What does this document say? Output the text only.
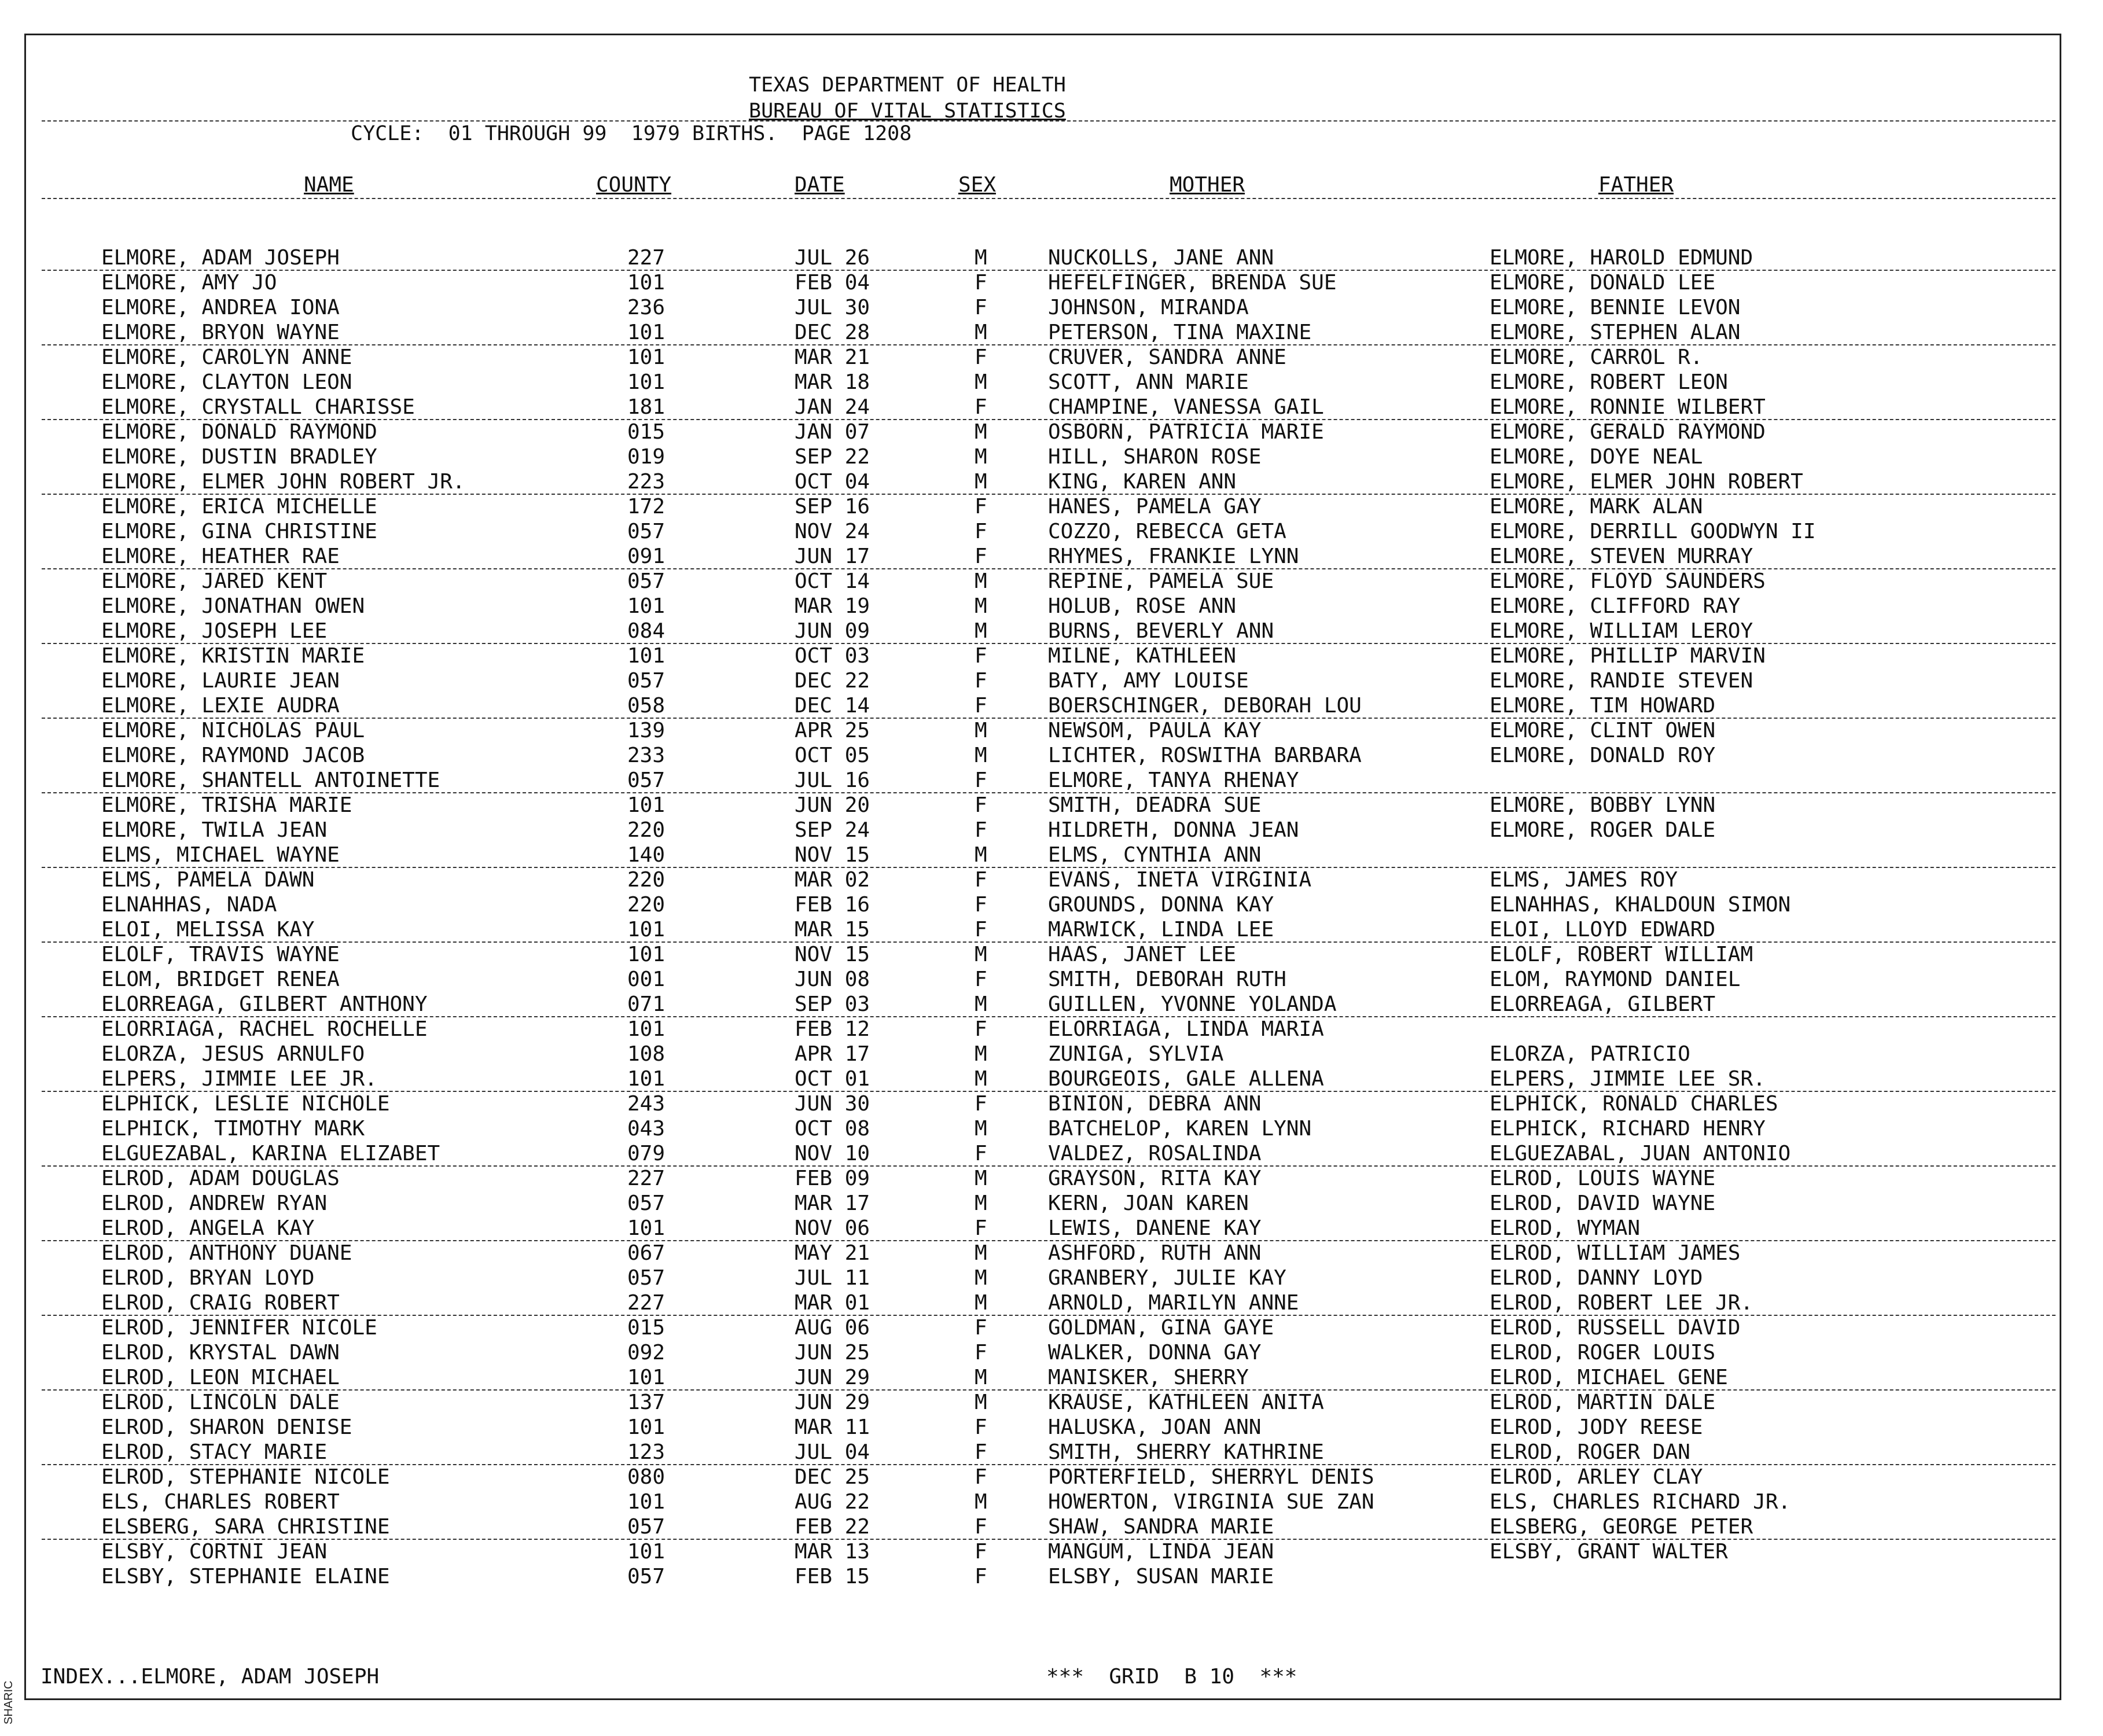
SHARIC
TEXAS DEPARTMENT OF HEALTH
BUREAU OF VITAL STATISTICS
CYCLE:  01 THROUGH 99  1979 BIRTHS.  PAGE 1208
NAME	COUNTY	DATE	SEX	MOTHER	FATHER
ELMORE, ADAM JOSEPH	227	JUL 26	M	NUCKOLLS, JANE ANN	ELMORE, HAROLD EDMUND
ELMORE, AMY JO	101	FEB 04	F	HEFELFINGER, BRENDA SUE	ELMORE, DONALD LEE
ELMORE, ANDREA IONA	236	JUL 30	F	JOHNSON, MIRANDA	ELMORE, BENNIE LEVON
ELMORE, BRYON WAYNE	101	DEC 28	M	PETERSON, TINA MAXINE	ELMORE, STEPHEN ALAN
ELMORE, CAROLYN ANNE	101	MAR 21	F	CRUVER, SANDRA ANNE	ELMORE, CARROL R.
ELMORE, CLAYTON LEON	101	MAR 18	M	SCOTT, ANN MARIE	ELMORE, ROBERT LEON
ELMORE, CRYSTALL CHARISSE	181	JAN 24	F	CHAMPINE, VANESSA GAIL	ELMORE, RONNIE WILBERT
ELMORE, DONALD RAYMOND	015	JAN 07	M	OSBORN, PATRICIA MARIE	ELMORE, GERALD RAYMOND
ELMORE, DUSTIN BRADLEY	019	SEP 22	M	HILL, SHARON ROSE	ELMORE, DOYE NEAL
ELMORE, ELMER JOHN ROBERT JR.	223	OCT 04	M	KING, KAREN ANN	ELMORE, ELMER JOHN ROBERT
ELMORE, ERICA MICHELLE	172	SEP 16	F	HANES, PAMELA GAY	ELMORE, MARK ALAN
ELMORE, GINA CHRISTINE	057	NOV 24	F	COZZO, REBECCA GETA	ELMORE, DERRILL GOODWYN II
ELMORE, HEATHER RAE	091	JUN 17	F	RHYMES, FRANKIE LYNN	ELMORE, STEVEN MURRAY
ELMORE, JARED KENT	057	OCT 14	M	REPINE, PAMELA SUE	ELMORE, FLOYD SAUNDERS
ELMORE, JONATHAN OWEN	101	MAR 19	M	HOLUB, ROSE ANN	ELMORE, CLIFFORD RAY
ELMORE, JOSEPH LEE	084	JUN 09	M	BURNS, BEVERLY ANN	ELMORE, WILLIAM LEROY
ELMORE, KRISTIN MARIE	101	OCT 03	F	MILNE, KATHLEEN	ELMORE, PHILLIP MARVIN
ELMORE, LAURIE JEAN	057	DEC 22	F	BATY, AMY LOUISE	ELMORE, RANDIE STEVEN
ELMORE, LEXIE AUDRA	058	DEC 14	F	BOERSCHINGER, DEBORAH LOU	ELMORE, TIM HOWARD
ELMORE, NICHOLAS PAUL	139	APR 25	M	NEWSOM, PAULA KAY	ELMORE, CLINT OWEN
ELMORE, RAYMOND JACOB	233	OCT 05	M	LICHTER, ROSWITHA BARBARA	ELMORE, DONALD ROY
ELMORE, SHANTELL ANTOINETTE	057	JUL 16	F	ELMORE, TANYA RHENAY
ELMORE, TRISHA MARIE	101	JUN 20	F	SMITH, DEADRA SUE	ELMORE, BOBBY LYNN
ELMORE, TWILA JEAN	220	SEP 24	F	HILDRETH, DONNA JEAN	ELMORE, ROGER DALE
ELMS, MICHAEL WAYNE	140	NOV 15	M	ELMS, CYNTHIA ANN
ELMS, PAMELA DAWN	220	MAR 02	F	EVANS, INETA VIRGINIA	ELMS, JAMES ROY
ELNAHHAS, NADA	220	FEB 16	F	GROUNDS, DONNA KAY	ELNAHHAS, KHALDOUN SIMON
ELOI, MELISSA KAY	101	MAR 15	F	MARWICK, LINDA LEE	ELOI, LLOYD EDWARD
ELOLF, TRAVIS WAYNE	101	NOV 15	M	HAAS, JANET LEE	ELOLF, ROBERT WILLIAM
ELOM, BRIDGET RENEA	001	JUN 08	F	SMITH, DEBORAH RUTH	ELOM, RAYMOND DANIEL
ELORREAGA, GILBERT ANTHONY	071	SEP 03	M	GUILLEN, YVONNE YOLANDA	ELORREAGA, GILBERT
ELORRIAGA, RACHEL ROCHELLE	101	FEB 12	F	ELORRIAGA, LINDA MARIA
ELORZA, JESUS ARNULFO	108	APR 17	M	ZUNIGA, SYLVIA	ELORZA, PATRICIO
ELPERS, JIMMIE LEE JR.	101	OCT 01	M	BOURGEOIS, GALE ALLENA	ELPERS, JIMMIE LEE SR.
ELPHICK, LESLIE NICHOLE	243	JUN 30	F	BINION, DEBRA ANN	ELPHICK, RONALD CHARLES
ELPHICK, TIMOTHY MARK	043	OCT 08	M	BATCHELOP, KAREN LYNN	ELPHICK, RICHARD HENRY
ELGUEZABAL, KARINA ELIZABET	079	NOV 10	F	VALDEZ, ROSALINDA	ELGUEZABAL, JUAN ANTONIO
ELROD, ADAM DOUGLAS	227	FEB 09	M	GRAYSON, RITA KAY	ELROD, LOUIS WAYNE
ELROD, ANDREW RYAN	057	MAR 17	M	KERN, JOAN KAREN	ELROD, DAVID WAYNE
ELROD, ANGELA KAY	101	NOV 06	F	LEWIS, DANENE KAY	ELROD, WYMAN
ELROD, ANTHONY DUANE	067	MAY 21	M	ASHFORD, RUTH ANN	ELROD, WILLIAM JAMES
ELROD, BRYAN LOYD	057	JUL 11	M	GRANBERY, JULIE KAY	ELROD, DANNY LOYD
ELROD, CRAIG ROBERT	227	MAR 01	M	ARNOLD, MARILYN ANNE	ELROD, ROBERT LEE JR.
ELROD, JENNIFER NICOLE	015	AUG 06	F	GOLDMAN, GINA GAYE	ELROD, RUSSELL DAVID
ELROD, KRYSTAL DAWN	092	JUN 25	F	WALKER, DONNA GAY	ELROD, ROGER LOUIS
ELROD, LEON MICHAEL	101	JUN 29	M	MANISKER, SHERRY	ELROD, MICHAEL GENE
ELROD, LINCOLN DALE	137	JUN 29	M	KRAUSE, KATHLEEN ANITA	ELROD, MARTIN DALE
ELROD, SHARON DENISE	101	MAR 11	F	HALUSKA, JOAN ANN	ELROD, JODY REESE
ELROD, STACY MARIE	123	JUL 04	F	SMITH, SHERRY KATHRINE	ELROD, ROGER DAN
ELROD, STEPHANIE NICOLE	080	DEC 25	F	PORTERFIELD, SHERRYL DENIS	ELROD, ARLEY CLAY
ELS, CHARLES ROBERT	101	AUG 22	M	HOWERTON, VIRGINIA SUE ZAN	ELS, CHARLES RICHARD JR.
ELSBERG, SARA CHRISTINE	057	FEB 22	F	SHAW, SANDRA MARIE	ELSBERG, GEORGE PETER
ELSBY, CORTNI JEAN	101	MAR 13	F	MANGUM, LINDA JEAN	ELSBY, GRANT WALTER
ELSBY, STEPHANIE ELAINE	057	FEB 15	F	ELSBY, SUSAN MARIE
INDEX...ELMORE, ADAM JOSEPH	***  GRID  B 10  ***
